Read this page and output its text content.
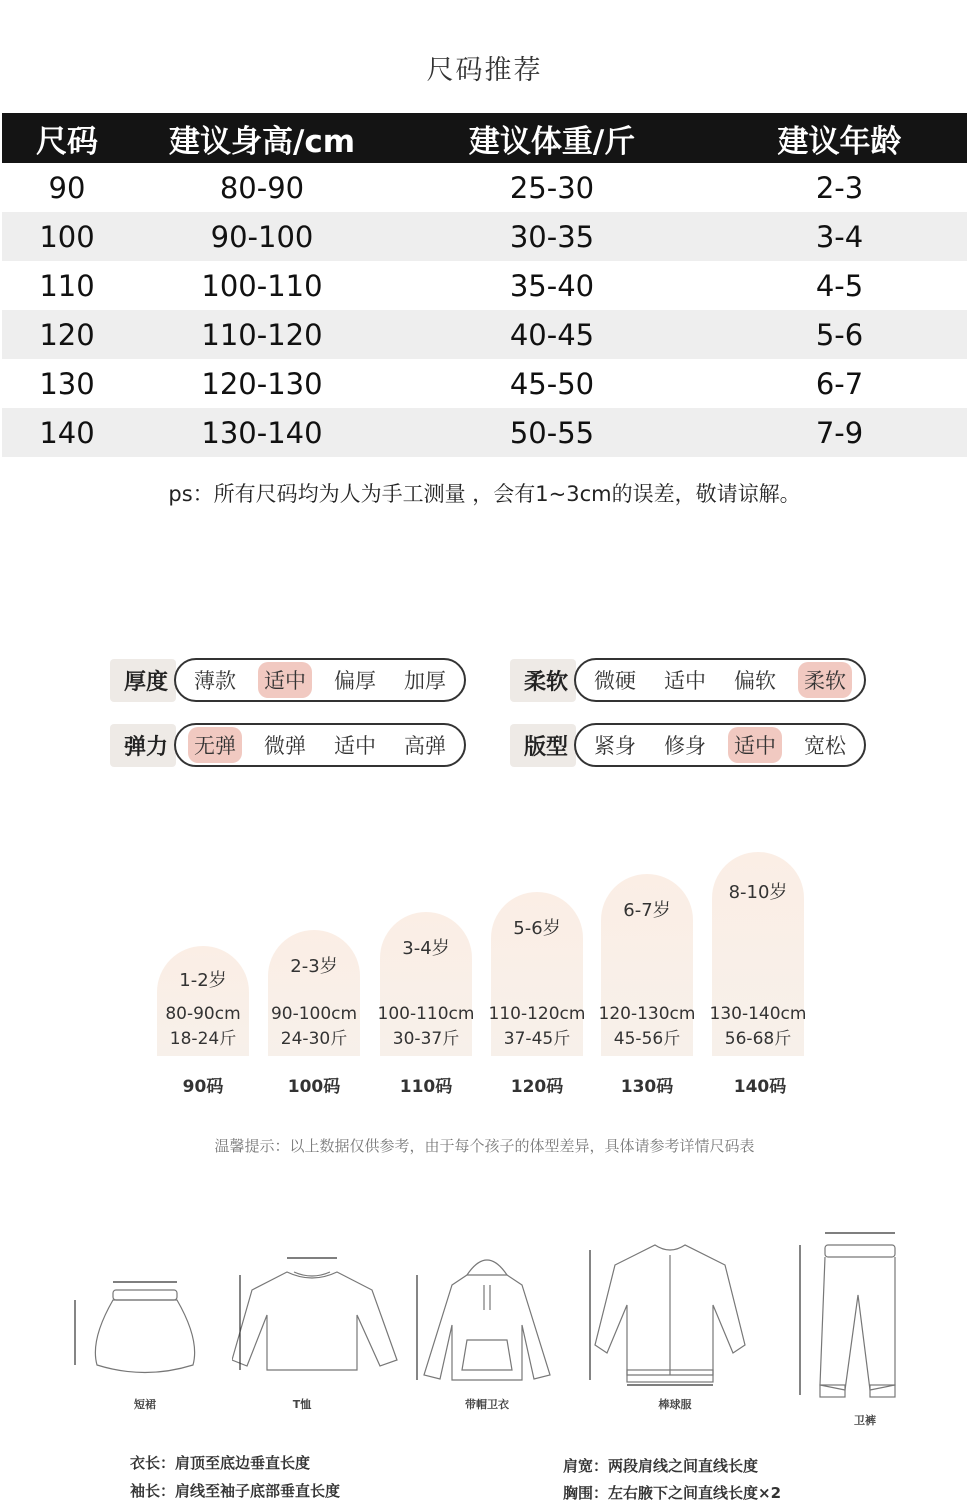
尺码推荐
尺码	建议身高/cm	建议体重/斤	建议年龄
90	80-90	25-30	2-3
100	90-100	30-35	3-4
110	100-110	35-40	4-5
120	110-120	40-45	5-6
130	120-130	45-50	6-7
140	130-140	50-55	7-9
ps：所有尺码均为人为手工测量 ，会有1~3cm的误差，敬请谅解。
厚度	薄款 适中 偏厚 加厚	柔软	微硬 适中 偏软 柔软
弹力	无弹 微弹 适中 高弹	版型	紧身 修身 适中 宽松
1-2岁
80-90cm
18-24斤
2-3岁
90-100cm
24-30斤
3-4岁
100-110cm
30-37斤
5-6岁
110-120cm
37-45斤
6-7岁
120-130cm
45-56斤
8-10岁
130-140cm
56-68斤
90码	100码	110码	120码	130码	140码
温馨提示：以上数据仅供参考，由于每个孩子的体型差异，具体请参考详情尺码表
短裙	T恤	带帽卫衣	棒球服
卫裤
衣长：肩顶至底边垂直长度	肩宽：两段肩线之间直线长度
袖长：肩线至袖子底部垂直长度	胸围：左右腋下之间直线长度×2
